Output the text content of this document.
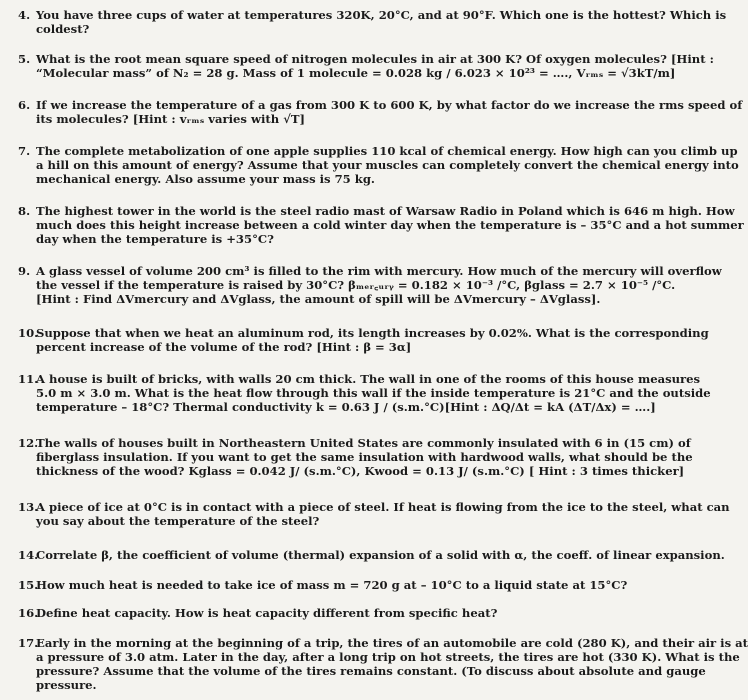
4. You have three cups of water at temperatures 320K, 20°C, and at 90°F. Which one is the hottest? Which is
coldest?
5. What is the root mean square speed of nitrogen molecules in air at 300 K? Of oxygen molecules? [Hint :
“Molecular mass” of N₂ = 28 g. Mass of 1 molecule = 0.028 kg / 6.023 × 10²³ = …., Vᵣₘₛ = √3kT/m]
6. If we increase the temperature of a gas from 300 K to 600 K, by what factor do we increase the rms speed of
its molecules? [Hint : vᵣₘₛ varies with √T]
7. The complete metabolization of one apple supplies 110 kcal of chemical energy. How high can you climb up
a hill on this amount of energy? Assume that your muscles can completely convert the chemical energy into
mechanical energy. Also assume your mass is 75 kg.
8. The highest tower in the world is the steel radio mast of Warsaw Radio in Poland which is 646 m high. How
much does this height increase between a cold winter day when the temperature is – 35°C and a hot summer
day when the temperature is +35°C?
9. A glass vessel of volume 200 cm³ is filled to the rim with mercury. How much of the mercury will overflow
the vessel if the temperature is raised by 30°C? βₘₑᵣ꜀ᵤᵣᵧ = 0.182 × 10⁻³ /°C, βglass = 2.7 × 10⁻⁵ /°C.
[Hint : Find ΔVmercury and ΔVglass, the amount of spill will be ΔVmercury – ΔVglass].
10.
Suppose that when we heat an aluminum rod, its length increases by 0.02%. What is the corresponding
percent increase of the volume of the rod? [Hint : β = 3α]
11.
A house is built of bricks, with walls 20 cm thick. The wall in one of the rooms of this house measures
5.0 m × 3.0 m. What is the heat flow through this wall if the inside temperature is 21°C and the outside
temperature – 18°C? Thermal conductivity k = 0.63 J / (s.m.°C)[Hint : ΔQ/Δt = kA (ΔT/Δx) = ….]
12.
The walls of houses built in Northeastern United States are commonly insulated with 6 in (15 cm) of
fiberglass insulation. If you want to get the same insulation with hardwood walls, what should be the
thickness of the wood? Kglass = 0.042 J/ (s.m.°C), Kwood = 0.13 J/ (s.m.°C) [ Hint : 3 times thicker]
13.
A piece of ice at 0°C is in contact with a piece of steel. If heat is flowing from the ice to the steel, what can
you say about the temperature of the steel?
14.
Correlate β, the coefficient of volume (thermal) expansion of a solid with α, the coeff. of linear expansion.
15.
How much heat is needed to take ice of mass m = 720 g at – 10°C to a liquid state at 15°C?
16.
Define heat capacity. How is heat capacity different from specific heat?
17.
Early in the morning at the beginning of a trip, the tires of an automobile are cold (280 K), and their air is at
a pressure of 3.0 atm. Later in the day, after a long trip on hot streets, the tires are hot (330 K). What is the
pressure? Assume that the volume of the tires remains constant. (To discuss about absolute and gauge
pressure.
